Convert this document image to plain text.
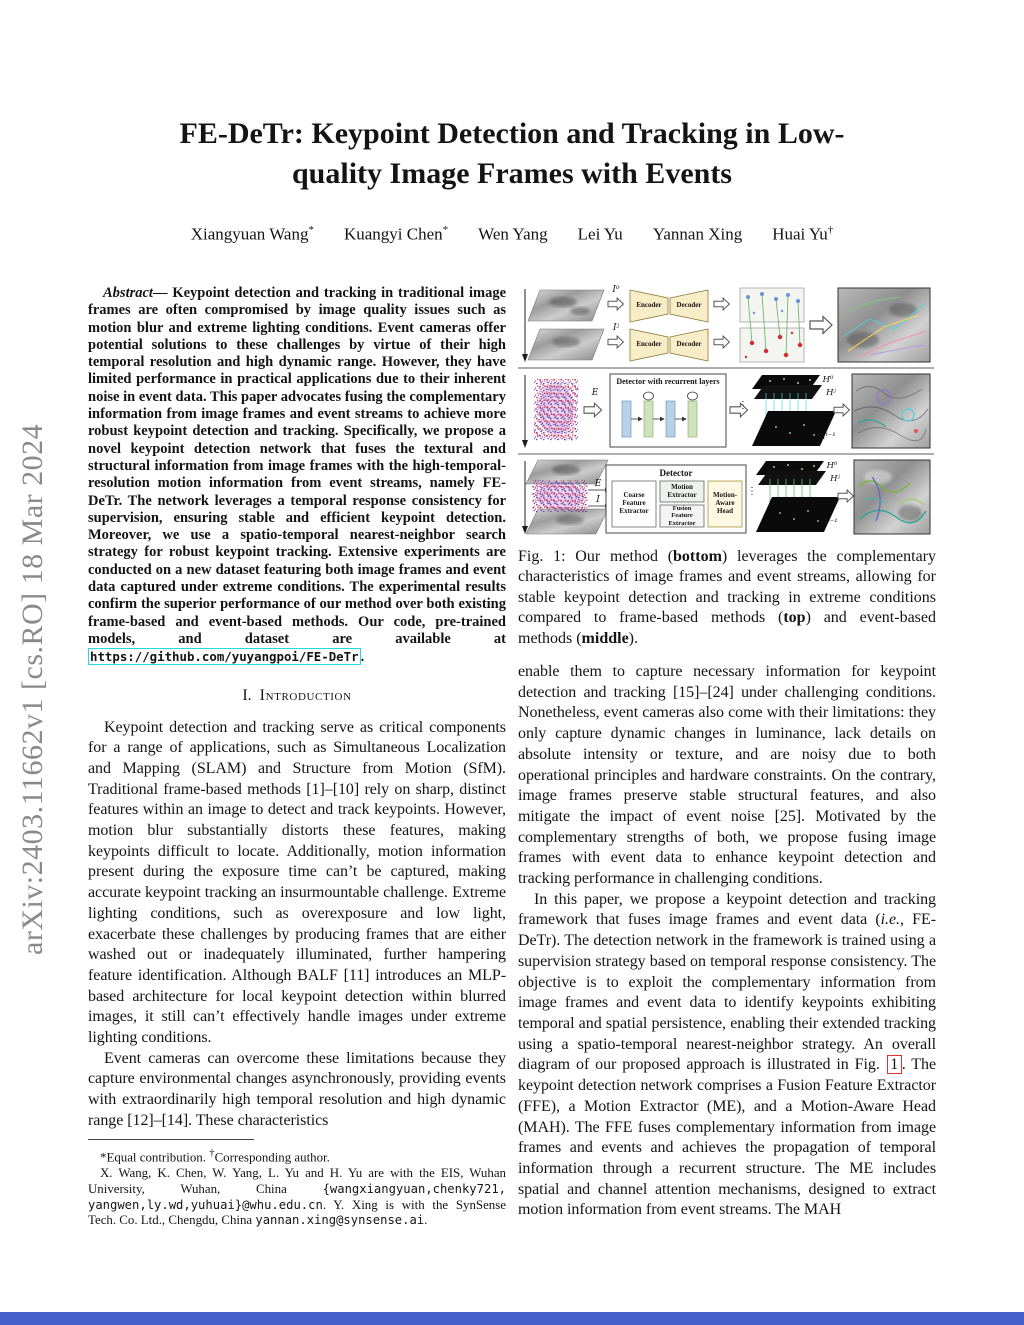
arXiv:2403.11662v1 [cs.RO] 18 Mar 2024
FE-DeTr: Keypoint Detection and Tracking in Low-quality Image Frames with Events
Xiangyuan Wang* Kuangyi Chen* Wen Yang Lei Yu Yannan Xing Huai Yu†

Abstract— Keypoint detection and tracking in traditional image frames are often compromised by image quality issues such as motion blur and extreme lighting conditions. Event cameras offer potential solutions to these challenges by virtue of their high temporal resolution and high dynamic range. However, they have limited performance in practical applications due to their inherent noise in event data. This paper advocates fusing the complementary information from image frames and event streams to achieve more robust keypoint detection and tracking. Specifically, we propose a novel keypoint detection network that fuses the textural and structural information from image frames with the high-temporal-resolution motion information from event streams, namely FE-DeTr. The network leverages a temporal response consistency for supervision, ensuring stable and efficient keypoint detection. Moreover, we use a spatio-temporal nearest-neighbor search strategy for robust keypoint tracking. Extensive experiments are conducted on a new dataset featuring both image frames and event data captured under extreme conditions. The experimental results confirm the superior performance of our method over both existing frame-based and event-based methods. Our code, pre-trained models, and dataset are available at https://github.com/yuyangpoi/FE-DeTr .

I. Introduction

Keypoint detection and tracking serve as critical components for a range of applications, such as Simultaneous Localization and Mapping (SLAM) and Structure from Motion (SfM). Traditional frame-based methods [1]–[10] rely on sharp, distinct features within an image to detect and track keypoints. However, motion blur substantially distorts these features, making keypoints difficult to locate. Additionally, motion information present during the exposure time can’t be captured, making accurate keypoint tracking an insurmountable challenge. Extreme lighting conditions, such as overexposure and low light, exacerbate these challenges by producing frames that are either washed out or inadequately illuminated, further hampering feature identification. Although BALF [11] introduces an MLP-based architecture for local keypoint detection within blurred images, it still can’t effectively handle images under extreme lighting conditions.

Event cameras can overcome these limitations because they capture environmental changes asynchronously, providing events with extraordinarily high temporal resolution and high dynamic range [12]–[14]. These characteristics

*Equal contribution. †Corresponding author.

X. Wang, K. Chen, W. Yang, L. Yu and H. Yu are with the EIS, Wuhan University, Wuhan, China {wangxiangyuan,chenky721, yangwen,ly.wd,yuhuai}@whu.edu.cn. Y. Xing is with the SynSense Tech. Co. Ltd., Chengdu, China yannan.xing@synsense.ai.

t
I⁰
Iʲ
Encoder	Decoder
Encoder	Decoder
t
E
Detector with recurrent layers
⋮
H⁰
Hʲ
Hᵗ⁻¹
t
E
I
Detector
Coarse Feature Extractor
Motion Extractor
Fusion Feature Extractor
Motion-Aware Head
⋮
H⁰
Hʲ
Hᵗ⁻¹
Fig. 1: Our method (bottom) leverages the complementary characteristics of image frames and event streams, allowing for stable keypoint detection and tracking in extreme conditions compared to frame-based methods (top) and event-based methods (middle).

enable them to capture necessary information for keypoint detection and tracking [15]–[24] under challenging conditions. Nonetheless, event cameras also come with their limitations: they only capture dynamic changes in luminance, lack details on absolute intensity or texture, and are noisy due to both operational principles and hardware constraints. On the contrary, image frames preserve stable structural features, and also mitigate the impact of event noise [25]. Motivated by the complementary strengths of both, we propose fusing image frames with event data to enhance keypoint detection and tracking performance in challenging conditions.

In this paper, we propose a keypoint detection and tracking framework that fuses image frames and event data (i.e., FE-DeTr). The detection network in the framework is trained using a supervision strategy based on temporal response consistency. The objective is to exploit the complementary information from image frames and event data to identify keypoints exhibiting temporal and spatial persistence, enabling their extended tracking using a spatio-temporal nearest-neighbor strategy. An overall diagram of our proposed approach is illustrated in Fig. 1 . The keypoint detection network comprises a Fusion Feature Extractor (FFE), a Motion Extractor (ME), and a Motion-Aware Head (MAH). The FFE fuses complementary information from image frames and events and achieves the propagation of temporal information through a recurrent structure. The ME includes spatial and channel attention mechanisms, designed to extract motion information from event streams. The MAH
